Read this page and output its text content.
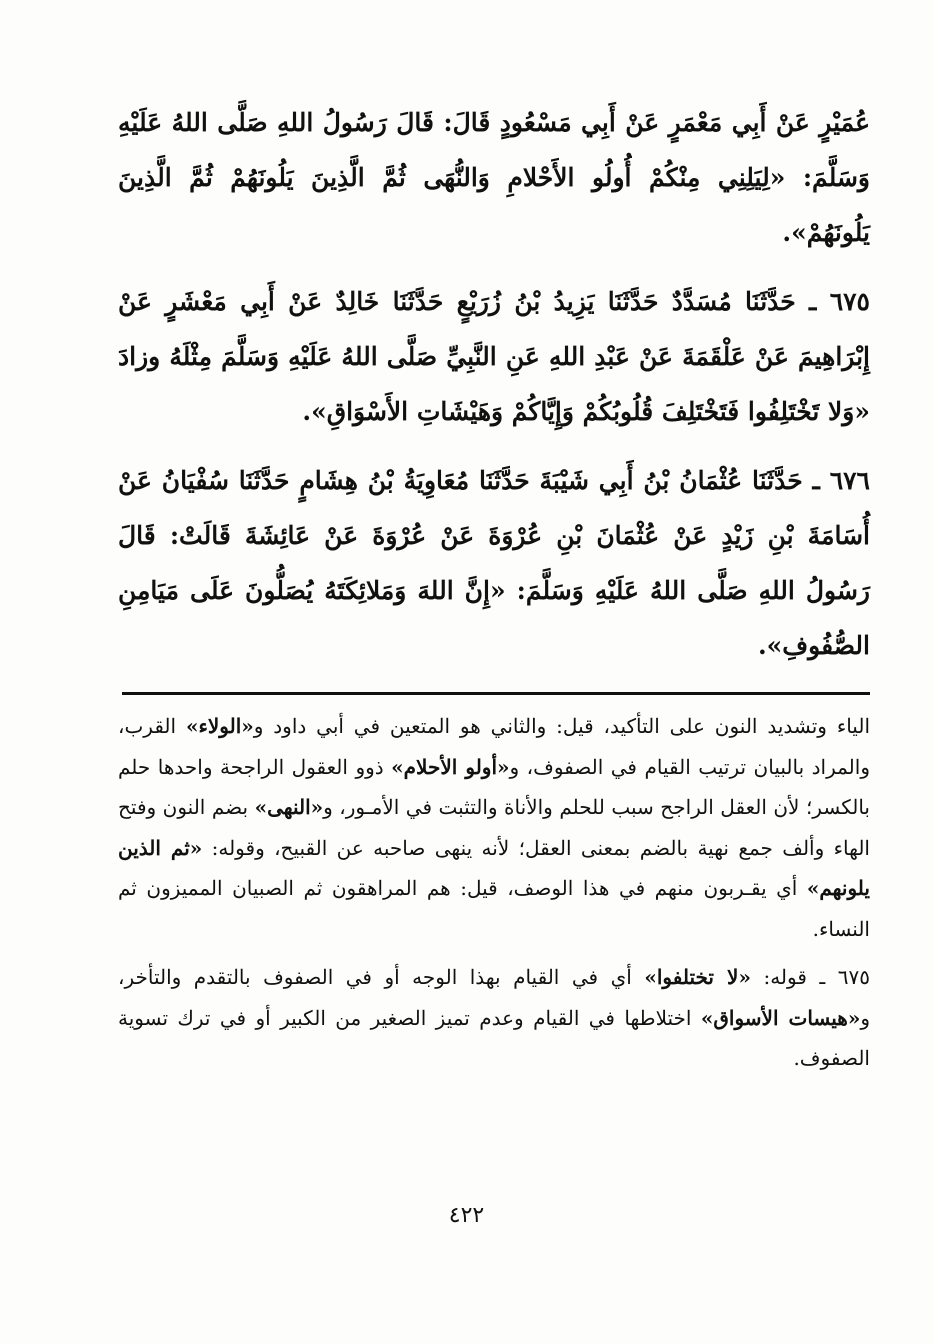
عُمَيْرٍ عَنْ أَبِي مَعْمَرٍ عَنْ أَبِي مَسْعُودٍ قَالَ: قَالَ رَسُولُ اللهِ صَلَّى اللهُ عَلَيْهِ وَسَلَّمَ: «لِيَلِنِي مِنْكُمْ أُولُو الأَحْلامِ وَالنُّهَى ثُمَّ الَّذِينَ يَلُونَهُمْ ثُمَّ الَّذِينَ يَلُونَهُمْ».

٦٧٥ ـ حَدَّثَنَا مُسَدَّدٌ حَدَّثَنَا يَزِيدُ بْنُ زُرَيْعٍ حَدَّثَنَا خَالِدٌ عَنْ أَبِي مَعْشَرٍ عَنْ إِبْرَاهِيمَ عَنْ عَلْقَمَةَ عَنْ عَبْدِ اللهِ عَنِ النَّبِيِّ صَلَّى اللهُ عَلَيْهِ وَسَلَّمَ مِثْلَهُ وزادَ «وَلا تَخْتَلِفُوا فَتَخْتَلِفَ قُلُوبُكُمْ وَإِيَّاكُمْ وَهَيْشَاتِ الأَسْوَاقِ».

٦٧٦ ـ حَدَّثَنَا عُثْمَانُ بْنُ أَبِي شَيْبَةَ حَدَّثَنَا مُعَاوِيَةُ بْنُ هِشَامٍ حَدَّثَنَا سُفْيَانُ عَنْ أُسَامَةَ بْنِ زَيْدٍ عَنْ عُثْمَانَ بْنِ عُرْوَةَ عَنْ عُرْوَةَ عَنْ عَائِشَةَ قَالَتْ: قَالَ رَسُولُ اللهِ صَلَّى اللهُ عَلَيْهِ وَسَلَّمَ: «إِنَّ اللهَ وَمَلائِكَتَهُ يُصَلُّونَ عَلَى مَيَامِنِ الصُّفُوفِ».

الياء وتشديد النون على التأكيد، قيل: والثاني هو المتعين في أبي داود و«الولاء» القرب، والمراد بالبيان ترتيب القيام في الصفوف، و«أولو الأحلام» ذوو العقول الراجحة واحدها حلم بالكسر؛ لأن العقل الراجح سبب للحلم والأناة والتثبت في الأمـور، و«النهى» بضم النون وفتح الهاء وألف جمع نهية بالضم بمعنى العقل؛ لأنه ينهى صاحبه عن القبيح، وقوله: «ثم الذين يلونهم» أي يقـربون منهم في هذا الوصف، قيل: هم المراهقون ثم الصبيان المميزون ثم النساء.

٦٧٥ ـ قوله: «لا تختلفوا» أي في القيام بهذا الوجه أو في الصفوف بالتقدم والتأخر، و«هيسات الأسواق» اختلاطها في القيام وعدم تميز الصغير من الكبير أو في ترك تسوية الصفوف.

٤٢٢
